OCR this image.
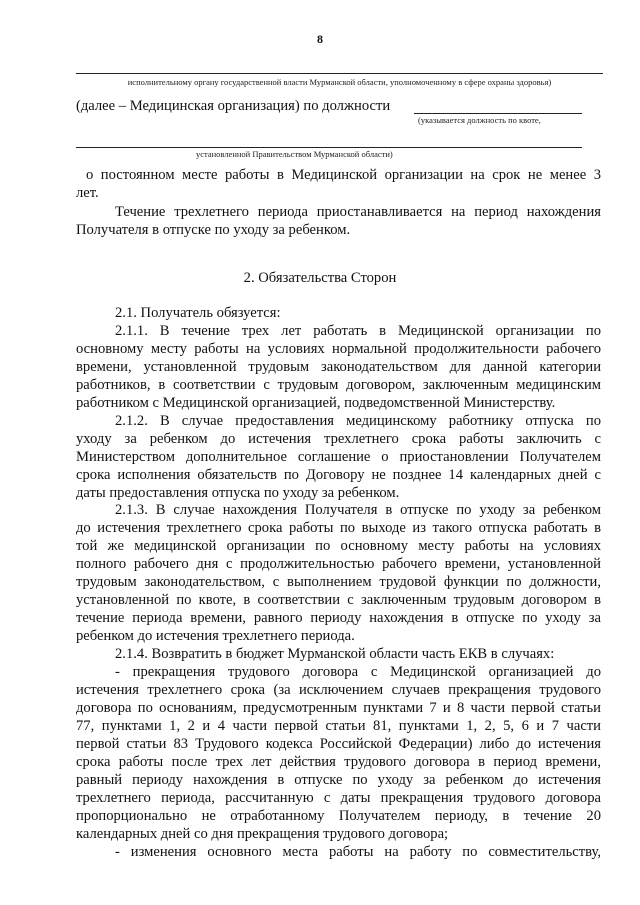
8
исполнительному органу государственной власти Мурманской области, уполномоченному в сфере охраны здоровья)
(далее – Медицинская организация) по должности
(указывается должность по квоте,
установленной Правительством Мурманской области)
о постоянном месте работы в Медицинской организации на срок не менее 3
лет.
Течение трехлетнего периода приостанавливается на период нахождения
Получателя в отпуске по уходу за ребенком.
2. Обязательства Сторон
2.1. Получатель обязуется:
2.1.1. В течение трех лет работать в Медицинской организации по
основному месту работы на условиях нормальной продолжительности рабочего
времени, установленной трудовым законодательством для данной категории
работников, в соответствии с трудовым договором, заключенным медицинским
работником с Медицинской организацией, подведомственной Министерству.
2.1.2. В случае предоставления медицинскому работнику отпуска по
уходу за ребенком до истечения трехлетнего срока работы заключить с
Министерством дополнительное соглашение о приостановлении Получателем
срока исполнения обязательств по Договору не позднее 14 календарных дней с
даты предоставления отпуска по уходу за ребенком.
2.1.3. В случае нахождения Получателя в отпуске по уходу за ребенком
до истечения трехлетнего срока работы по выходе из такого отпуска работать в
той же медицинской организации по основному месту работы на условиях
полного рабочего дня с продолжительностью рабочего времени, установленной
трудовым законодательством, с выполнением трудовой функции по должности,
установленной по квоте, в соответствии с заключенным трудовым договором в
течение периода времени, равного периоду нахождения в отпуске по уходу за
ребенком до истечения трехлетнего периода.
2.1.4. Возвратить в бюджет Мурманской области часть ЕКВ в случаях:
- прекращения трудового договора с Медицинской организацией до
истечения трехлетнего срока (за исключением случаев прекращения трудового
договора по основаниям, предусмотренным пунктами 7 и 8 части первой статьи
77, пунктами 1, 2 и 4 части первой статьи 81, пунктами 1, 2, 5, 6 и 7 части
первой статьи 83 Трудового кодекса Российской Федерации) либо до истечения
срока работы после трех лет действия трудового договора в период времени,
равный периоду нахождения в отпуске по уходу за ребенком до истечения
трехлетнего периода, рассчитанную с даты прекращения трудового договора
пропорционально не отработанному Получателем периоду, в течение 20
календарных дней со дня прекращения трудового договора;
- изменения основного места работы на работу по совместительству,
